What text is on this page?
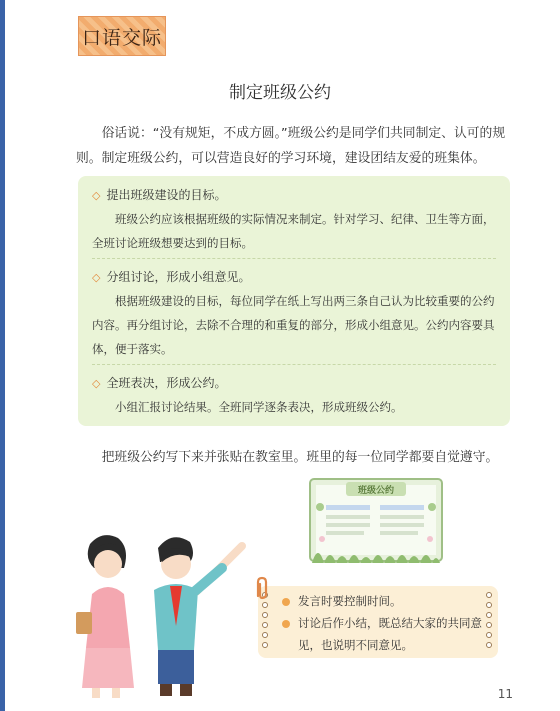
口语交际
制定班级公约

俗话说：“没有规矩，不成方圆。”班级公约是同学们共同制定、认可的规则。制定班级公约，可以营造良好的学习环境，建设团结友爱的班集体。

◇ 提出班级建设的目标。

班级公约应该根据班级的实际情况来制定。针对学习、纪律、卫生等方面，全班讨论班级想要达到的目标。

◇ 分组讨论，形成小组意见。

根据班级建设的目标，每位同学在纸上写出两三条自己认为比较重要的公约内容。再分组讨论，去除不合理的和重复的部分，形成小组意见。公约内容要具体，便于落实。

◇ 全班表决，形成公约。

小组汇报讨论结果。全班同学逐条表决，形成班级公约。

把班级公约写下来并张贴在教室里。班里的每一位同学都要自觉遵守。

班级公约
发言时要控制时间。
讨论后作小结，既总结大家的共同意见，也说明不同意见。
11
